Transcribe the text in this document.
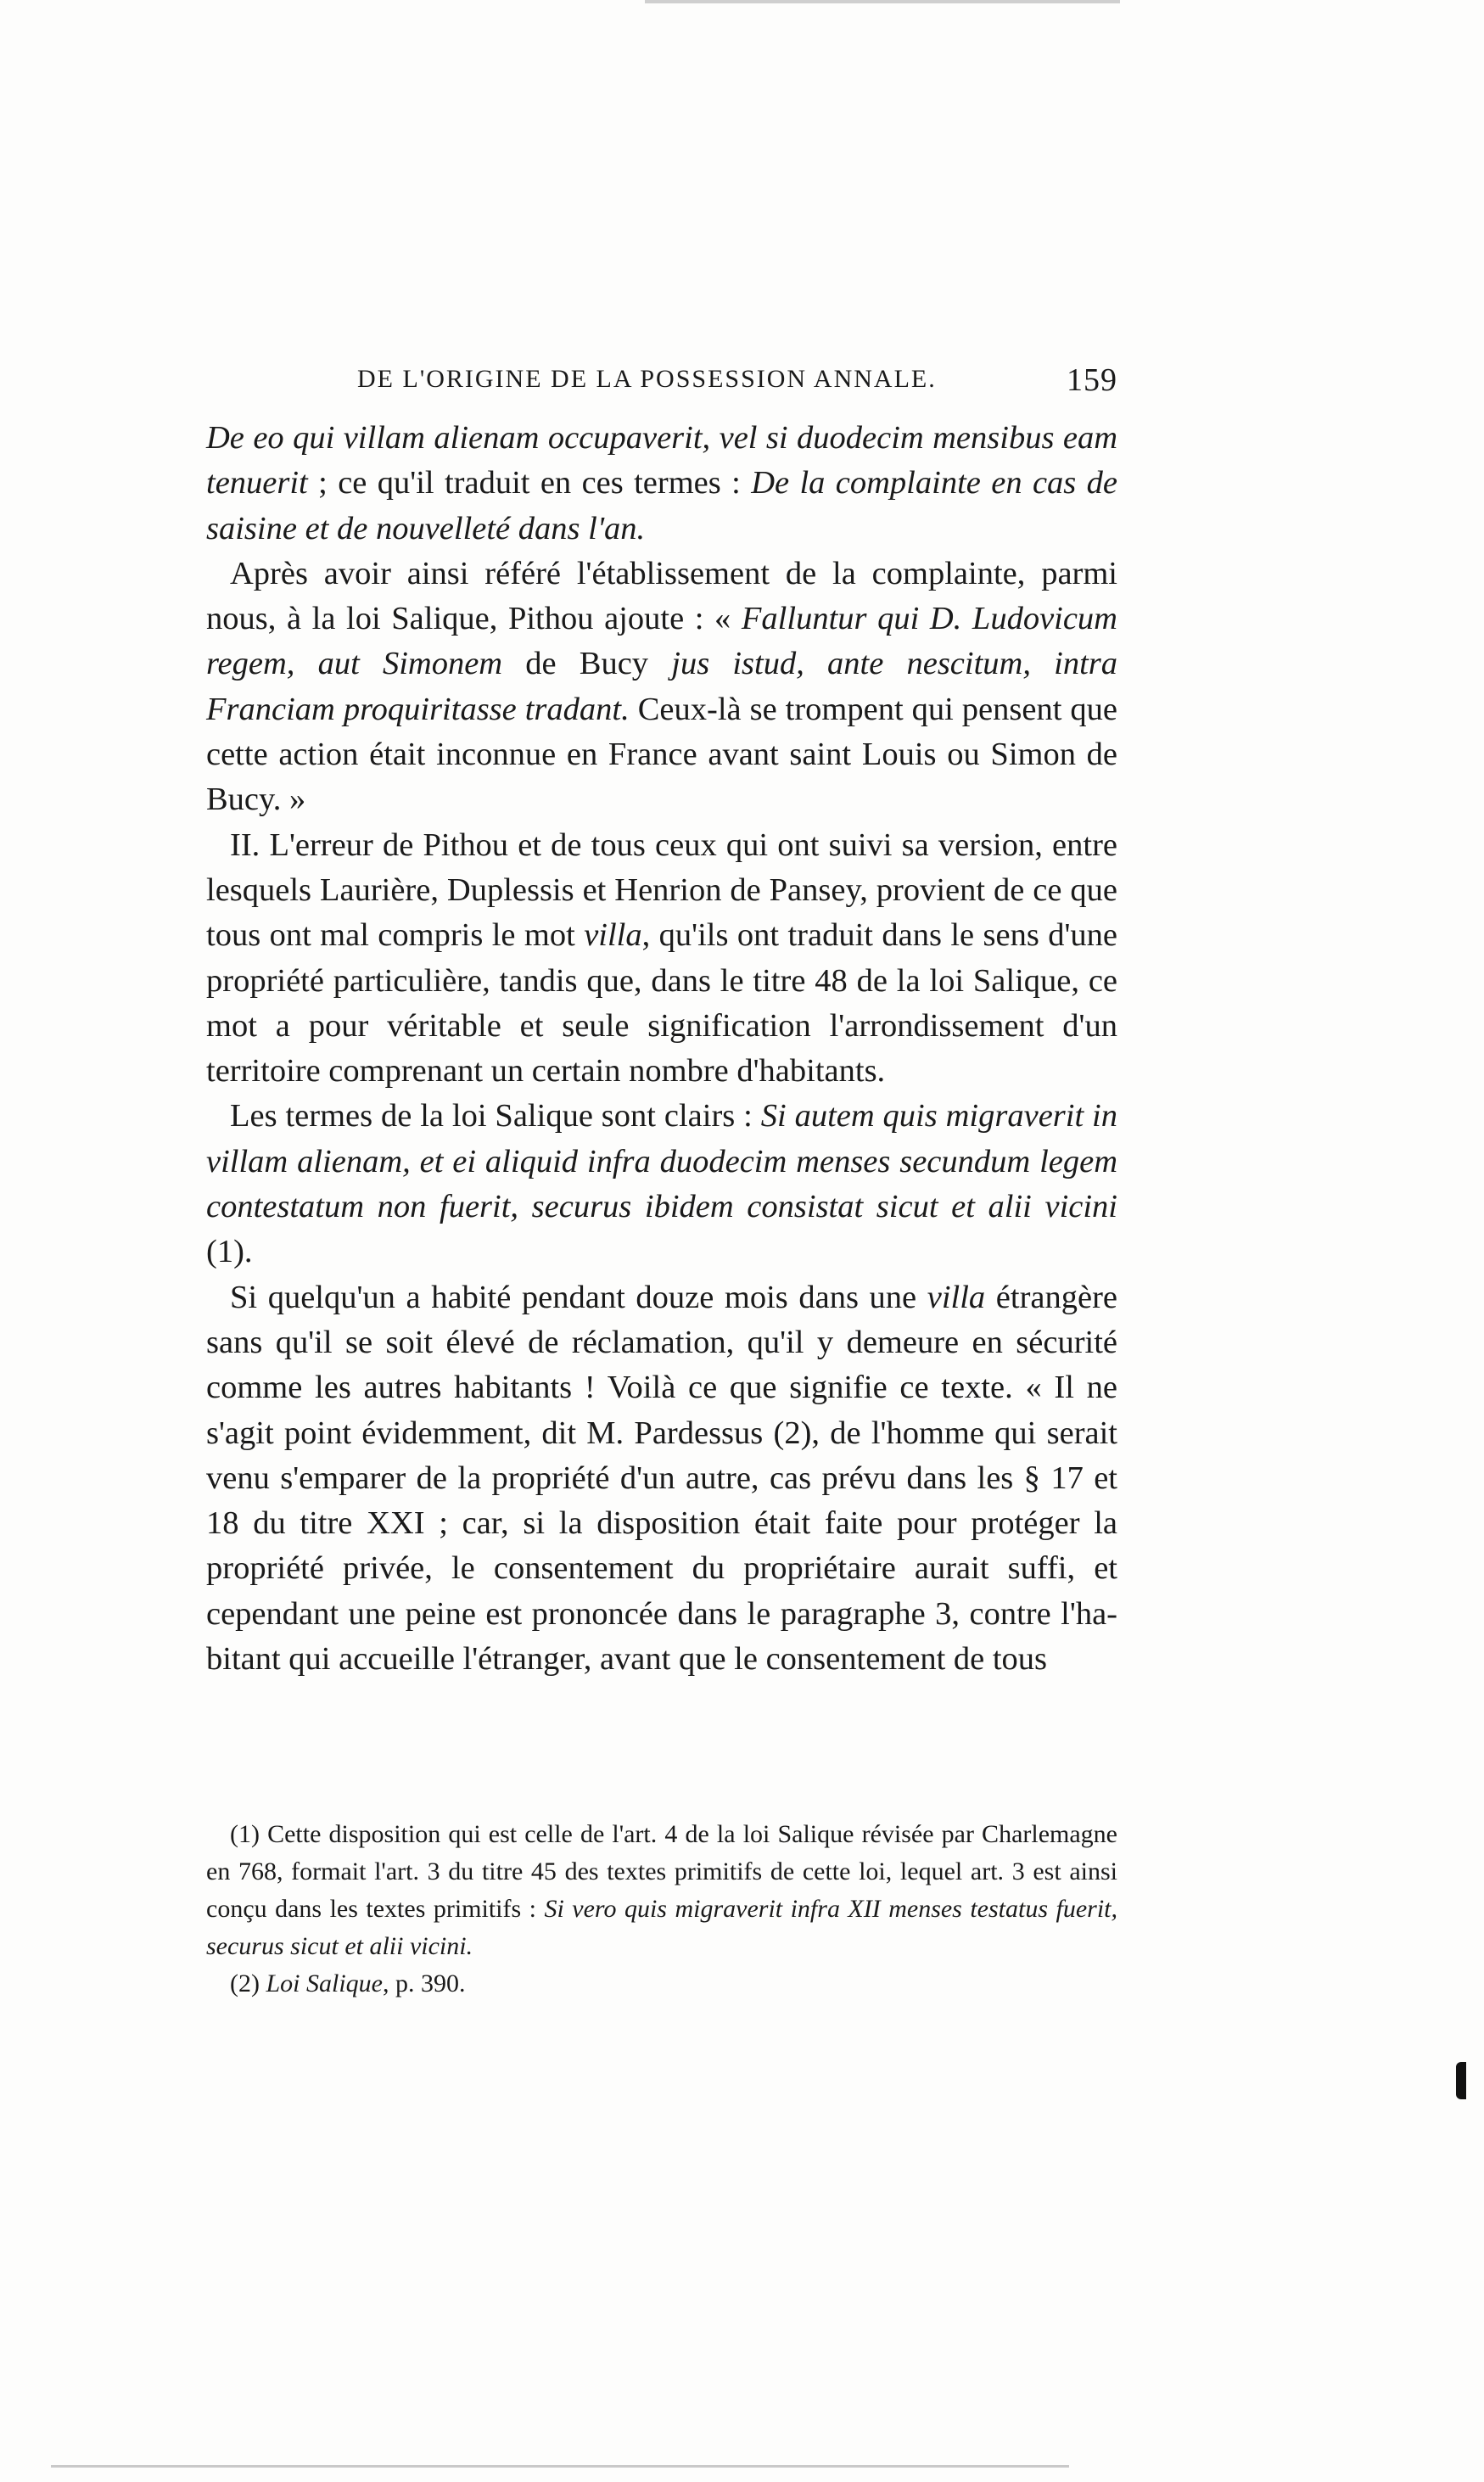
DE L'ORIGINE DE LA POSSESSION ANNALE.	159

De eo qui villam alienam occupaverit, vel si duodecim mensibus eam tenuerit ; ce qu'il traduit en ces termes : De la complainte en cas de saisine et de nouvelleté dans l'an.

Après avoir ainsi référé l'établissement de la complainte, parmi nous, à la loi Salique, Pithou ajoute : « Falluntur qui D. Ludovicum regem, aut Simonem de Bucy jus istud, ante nescitum, intra Franciam proquiritasse tradant. Ceux-là se trompent qui pensent que cette action était inconnue en France avant saint Louis ou Simon de Bucy. »

II. L'erreur de Pithou et de tous ceux qui ont suivi sa version, entre lesquels Laurière, Duplessis et Henrion de Pansey, provient de ce que tous ont mal compris le mot villa, qu'ils ont traduit dans le sens d'une propriété particulière, tandis que, dans le titre 48 de la loi Salique, ce mot a pour véritable et seule signification l'arrondissement d'un territoire comprenant un certain nombre d'habitants.

Les termes de la loi Salique sont clairs : Si autem quis migraverit in villam alienam, et ei aliquid infra duodecim menses secundum legem contestatum non fuerit, securus ibidem consistat sicut et alii vicini (1).

Si quelqu'un a habité pendant douze mois dans une villa étrangère sans qu'il se soit élevé de réclamation, qu'il y demeure en sécurité comme les autres habitants ! Voilà ce que signifie ce texte. « Il ne s'agit point évidemment, dit M. Pardessus (2), de l'homme qui serait venu s'emparer de la propriété d'un autre, cas prévu dans les § 17 et 18 du titre XXI ; car, si la disposition était faite pour protéger la propriété privée, le consentement du propriétaire aurait suffi, et cependant une peine est prononcée dans le paragraphe 3, contre l'habitant qui accueille l'étranger, avant que le consentement de tous

(1) Cette disposition qui est celle de l'art. 4 de la loi Salique révisée par Charlemagne en 768, formait l'art. 3 du titre 45 des textes primitifs de cette loi, lequel art. 3 est ainsi conçu dans les textes primitifs : Si vero quis migraverit infra XII menses testatus fuerit, securus sicut et alii vicini.

(2) Loi Salique, p. 390.
